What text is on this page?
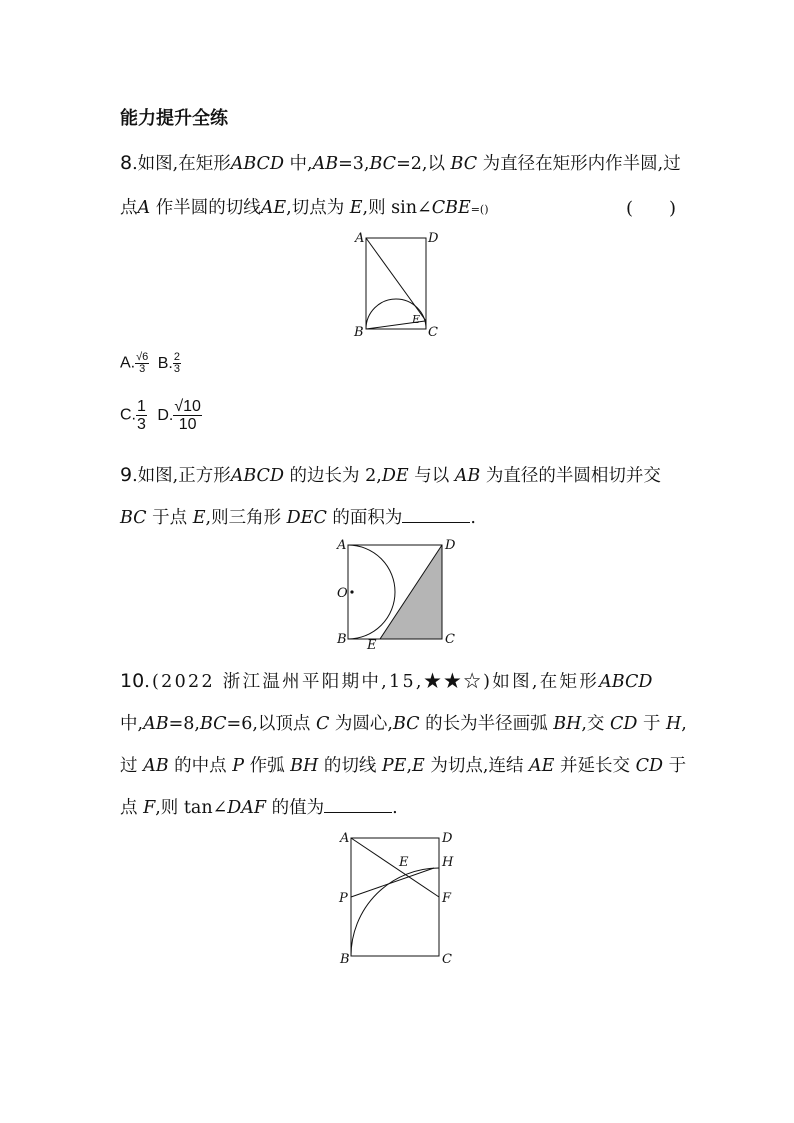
能力提升全练
8.如图,在矩形ABCD 中,AB=3,BC=2,以 BC 为直径在矩形内作半圆,过
点A 作半圆的切线AE,切点为 E,则 sin∠CBE=()	(　　)
A	D
B	C
E
A. $\frac{√6}{3} B$. $\frac{2}{3}$
C. $\frac{1}{3} D$. $\frac{√10}{10}$
9.如图,正方形ABCD 的边长为 2,DE 与以 AB 为直径的半圆相切并交
BC 于点 E,则三角形 DEC 的面积为	.
A	D
O
B	C
E
10.(2022 浙江温州平阳期中,15,★★☆)如图,在矩形ABCD
中,AB=8,BC=6,以顶点 C 为圆心,BC 的长为半径画弧 BH,交 CD 于 H,
过 AB 的中点 P 作弧 BH 的切线 PE,E 为切点,连结 AE 并延长交 CD 于
点 F,则 tan∠DAF 的值为	.
A	D
E	H
P	F
B	C
